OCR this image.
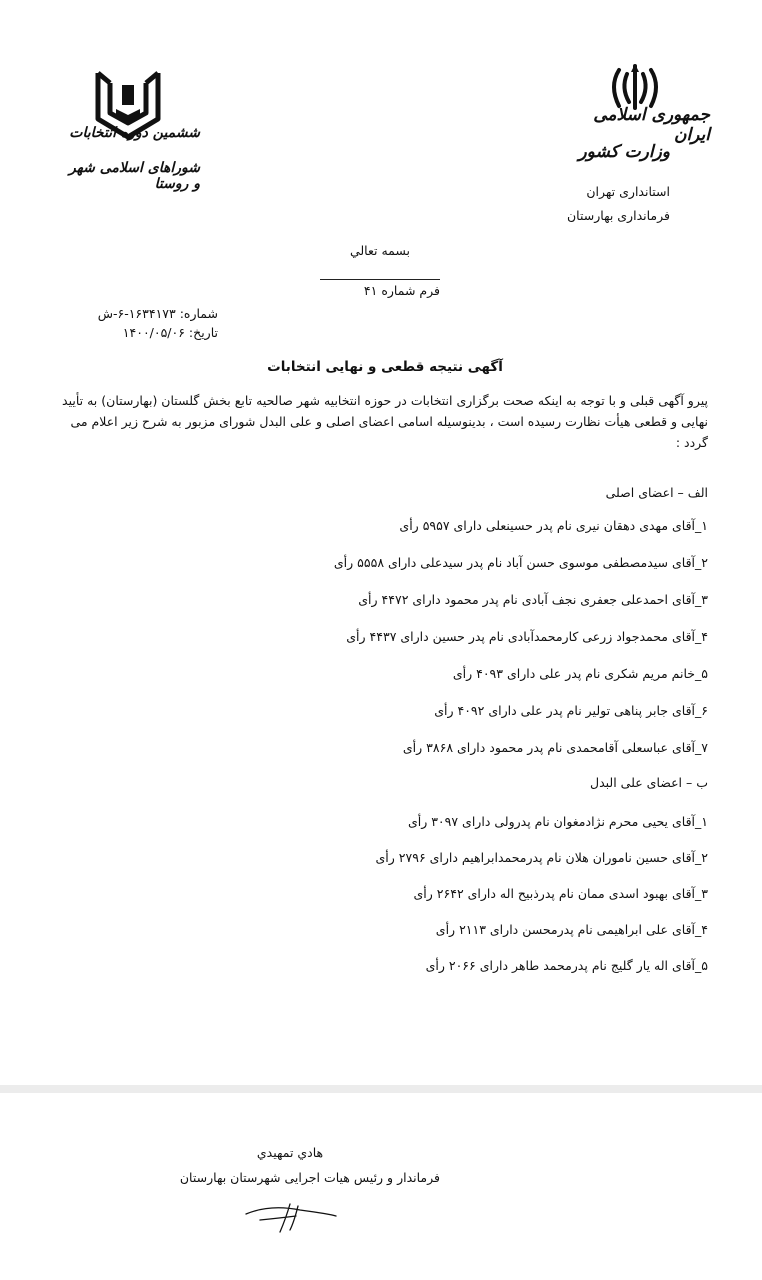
جمهوری اسلامی ایران
وزارت کشور
ششمین دوره انتخابات
شوراهای اسلامی شهر و روستا	استانداری تهران
فرمانداری بهارستان
بسمه تعالي
فرم شماره ۴۱
شماره: ۱۶۳۴۱۷۳-۶-ش
تاریخ: ۱۴۰۰/۰۵/۰۶
آگهی نتیجه قطعی و نهایی انتخابات
پیرو آگهی قبلی و با توجه به اینکه صحت برگزاری انتخابات در حوزه انتخابیه شهر صالحیه تابع بخش گلستان (بهارستان) به تأیید نهایی و قطعی هیأت نظارت رسیده است ، بدینوسیله اسامی اعضای اصلی و علی البدل شورای مزبور به شرح زیر اعلام می گردد :
الف – اعضای اصلی
۱_آقای مهدی دهقان نیری نام پدر حسینعلی دارای ۵۹۵۷ رأی
۲_آقای سیدمصطفی موسوی حسن آباد نام پدر سیدعلی دارای ۵۵۵۸ رأی
۳_آقای احمدعلی جعفری نجف آبادی نام پدر محمود دارای ۴۴۷۲ رأی
۴_آقای محمدجواد زرعی کارمحمدآبادی نام پدر حسین دارای ۴۴۳۷ رأی
۵_خانم مریم شکری نام پدر علی دارای ۴۰۹۳ رأی
۶_آقای جابر پناهی تولیر نام پدر علی دارای ۴۰۹۲ رأی
۷_آقای عباسعلی آقامحمدی نام پدر محمود دارای ۳۸۶۸ رأی
ب – اعضای علی البدل
۱_آقای یحیی محرم نژادمغوان نام پدرولی دارای ۳۰۹۷ رأی
۲_آقای حسین ناموران هلان نام پدرمحمدابراهیم دارای ۲۷۹۶ رأی
۳_آقای بهبود اسدی ممان نام پدرذبیح اله دارای ۲۶۴۲ رأی
۴_آقای علی ابراهیمی نام پدرمحسن دارای ۲۱۱۳ رأی
۵_آقای اله یار گلیج نام پدرمحمد طاهر دارای ۲۰۶۶ رأی
هادي تمهيدي
فرماندار و رئیس هیات اجرایی شهرستان بهارستان
